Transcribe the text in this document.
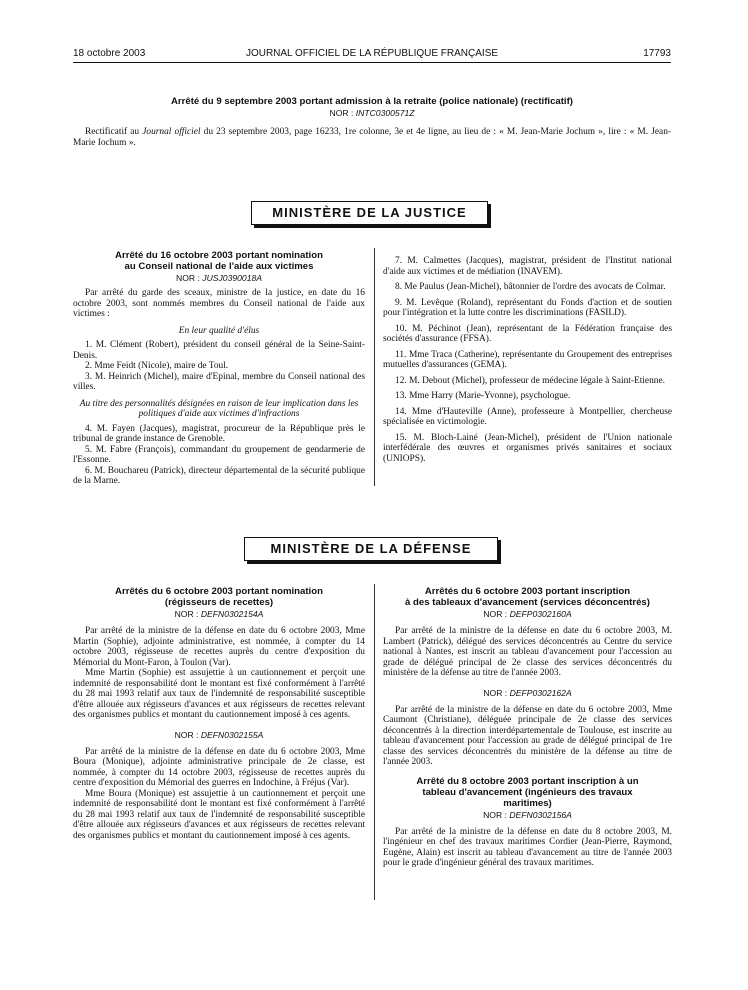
18 octobre 2003	JOURNAL OFFICIEL DE LA RÉPUBLIQUE FRANÇAISE	17793

Arrêté du 9 septembre 2003 portant admission à la retraite (police nationale) (rectificatif)

NOR : INTC0300571Z

Rectificatif au Journal officiel du 23 septembre 2003, page 16233, 1re colonne, 3e et 4e ligne, au lieu de : « M. Jean-Marie Jochum », lire : « M. Jean-Marie Iochum ».

MINISTÈRE DE LA JUSTICE

Arrêté du 16 octobre 2003 portant nomination
au Conseil national de l'aide aux victimes

NOR : JUSJ0390018A

Par arrêté du garde des sceaux, ministre de la justice, en date du 16 octobre 2003, sont nommés membres du Conseil national de l'aide aux victimes :

En leur qualité d'élus

1. M. Clément (Robert), président du conseil général de la Seine-Saint-Denis.

2. Mme Feidt (Nicole), maire de Toul.

3. M. Heinrich (Michel), maire d'Epinal, membre du Conseil national des villes.

Au titre des personnalités désignées en raison de leur implication dans les politiques d'aide aux victimes d'infractions

4. M. Fayen (Jacques), magistrat, procureur de la République près le tribunal de grande instance de Grenoble.

5. M. Fabre (François), commandant du groupement de gendarmerie de l'Essonne.

6. M. Bouchareu (Patrick), directeur départemental de la sécurité publique de la Marne.

7. M. Calmettes (Jacques), magistrat, président de l'Institut national d'aide aux victimes et de médiation (INAVEM).

8. Me Paulus (Jean-Michel), bâtonnier de l'ordre des avocats de Colmar.

9. M. Levêque (Roland), représentant du Fonds d'action et de soutien pour l'intégration et la lutte contre les discriminations (FASILD).

10. M. Péchinot (Jean), représentant de la Fédération française des sociétés d'assurance (FFSA).

11. Mme Traca (Catherine), représentante du Groupement des entreprises mutuelles d'assurances (GEMA).

12. M. Debout (Michel), professeur de médecine légale à Saint-Etienne.

13. Mme Harry (Marie-Yvonne), psychologue.

14. Mme d'Hauteville (Anne), professeure à Montpellier, chercheuse spécialisée en victimologie.

15. M. Bloch-Lainé (Jean-Michel), président de l'Union nationale interfédérale des œuvres et organismes privés sanitaires et sociaux (UNIOPS).

MINISTÈRE DE LA DÉFENSE

Arrêtés du 6 octobre 2003 portant nomination
(régisseurs de recettes)

NOR : DEFN0302154A

Par arrêté de la ministre de la défense en date du 6 octobre 2003, Mme Martin (Sophie), adjointe administrative, est nommée, à compter du 14 octobre 2003, régisseuse de recettes auprès du centre d'exposition du Mémorial du Mont-Faron, à Toulon (Var).

Mme Martin (Sophie) est assujettie à un cautionnement et perçoit une indemnité de responsabilité dont le montant est fixé conformément à l'arrêté du 28 mai 1993 relatif aux taux de l'indemnité de responsabilité susceptible d'être allouée aux régisseurs d'avances et aux régisseurs de recettes relevant des organismes publics et montant du cautionnement imposé à ces agents.

NOR : DEFN0302155A

Par arrêté de la ministre de la défense en date du 6 octobre 2003, Mme Boura (Monique), adjointe administrative principale de 2e classe, est nommée, à compter du 14 octobre 2003, régisseuse de recettes auprès du centre d'exposition du Mémorial des guerres en Indochine, à Fréjus (Var).

Mme Boura (Monique) est assujettie à un cautionnement et perçoit une indemnité de responsabilité dont le montant est fixé conformément à l'arrêté du 28 mai 1993 relatif aux taux de l'indemnité de responsabilité susceptible d'être allouée aux régisseurs d'avances et aux régisseurs de recettes relevant des organismes publics et montant du cautionnement imposé à ces agents.

Arrêtés du 6 octobre 2003 portant inscription
à des tableaux d'avancement (services déconcentrés)

NOR : DEFP0302160A

Par arrêté de la ministre de la défense en date du 6 octobre 2003, M. Lambert (Patrick), délégué des services déconcentrés au Centre du service national à Nantes, est inscrit au tableau d'avancement pour l'accession au grade de délégué principal de 2e classe des services déconcentrés du ministère de la défense au titre de l'année 2003.

NOR : DEFP0302162A

Par arrêté de la ministre de la défense en date du 6 octobre 2003, Mme Caumont (Christiane), déléguée principale de 2e classe des services déconcentrés à la direction interdépartementale de Toulouse, est inscrite au tableau d'avancement pour l'accession au grade de délégué principal de 1re classe des services déconcentrés du ministère de la défense au titre de l'année 2003.

Arrêté du 8 octobre 2003 portant inscription à un
tableau d'avancement (ingénieurs des travaux
maritimes)

NOR : DEFN0302156A

Par arrêté de la ministre de la défense en date du 8 octobre 2003, M. l'ingénieur en chef des travaux maritimes Cordier (Jean-Pierre, Raymond, Eugène, Alain) est inscrit au tableau d'avancement au titre de l'année 2003 pour le grade d'ingénieur général des travaux maritimes.
